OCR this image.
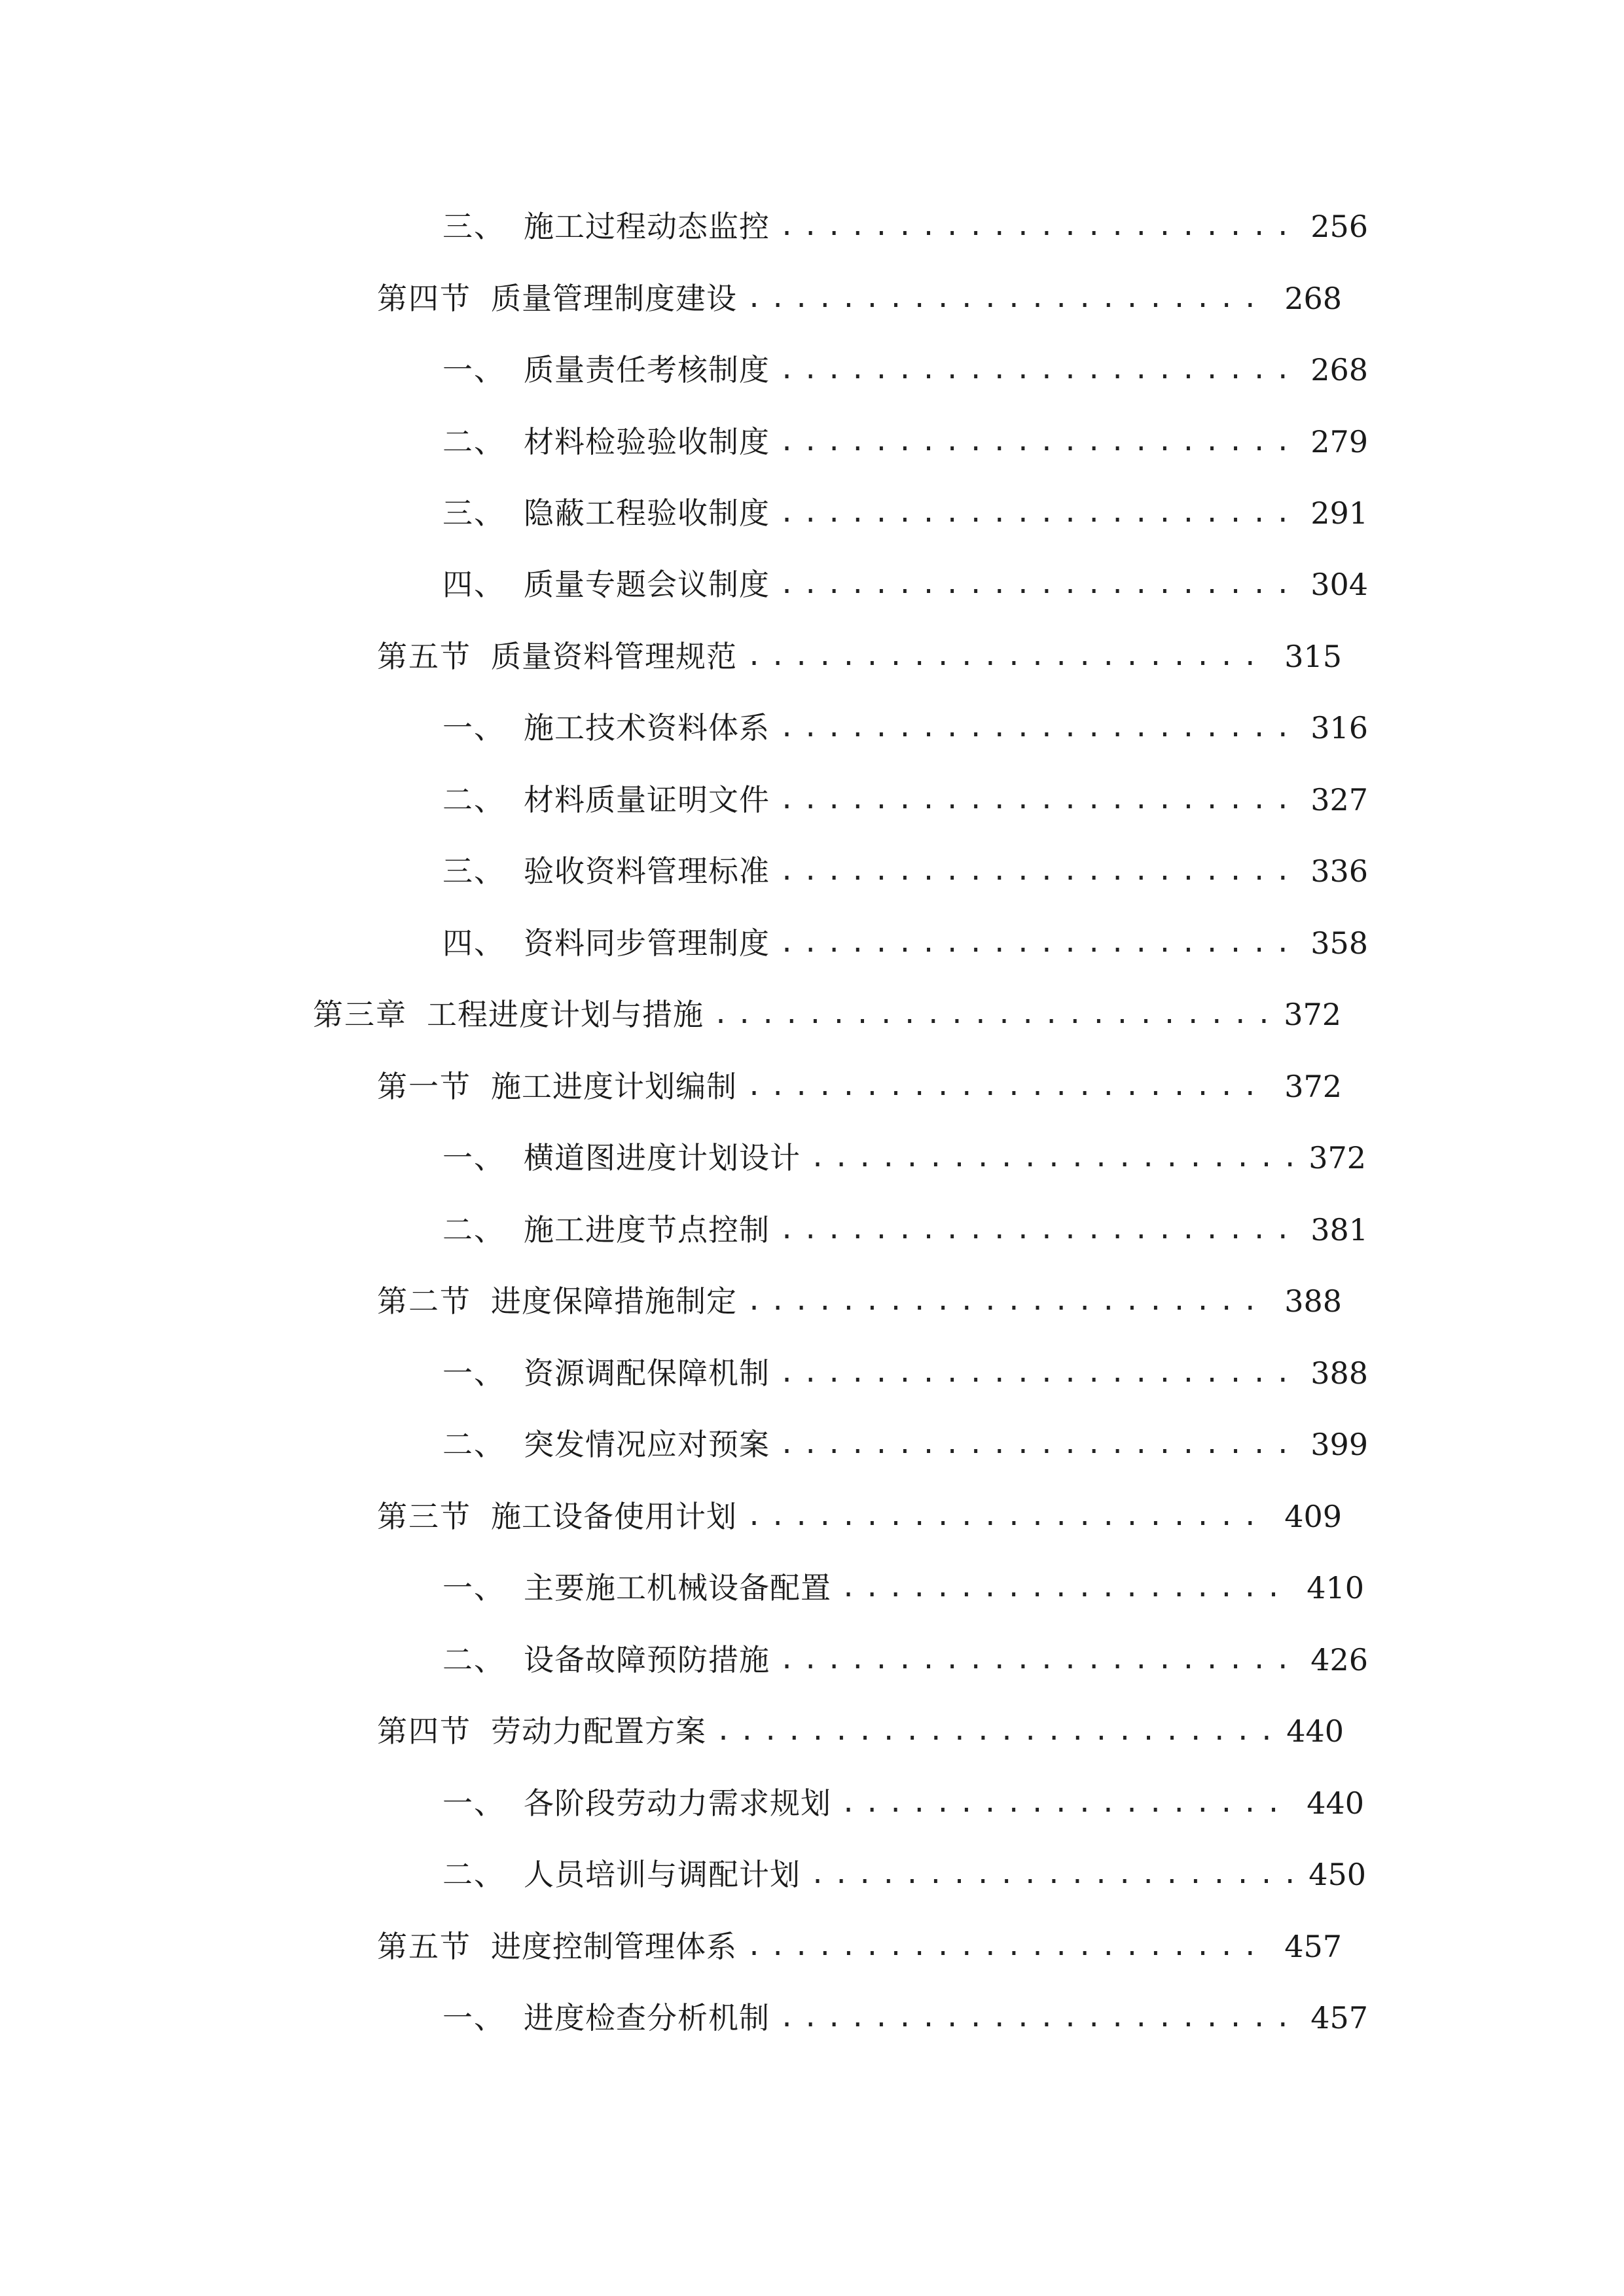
三、 施工过程动态监控 .....	256
第四节 质量管理制度建设 .....	268
一、 质量责任考核制度 .....	268
二、 材料检验验收制度 .....	279
三、 隐蔽工程验收制度 .....	291
四、 质量专题会议制度 .....	304
第五节 质量资料管理规范 .....	315
一、 施工技术资料体系 .....	316
二、 材料质量证明文件 .....	327
三、 验收资料管理标准 .....	336
四、 资料同步管理制度 .....	358
第三章 工程进度计划与措施 .....	372
第一节 施工进度计划编制 .....	372
一、 横道图进度计划设计 .....	372
二、 施工进度节点控制 .....	381
第二节 进度保障措施制定 .....	388
一、 资源调配保障机制 .....	388
二、 突发情况应对预案 .....	399
第三节 施工设备使用计划 .....	409
一、 主要施工机械设备配置 .....	410
二、 设备故障预防措施 .....	426
第四节 劳动力配置方案 .....	440
一、 各阶段劳动力需求规划 .....	440
二、 人员培训与调配计划 .....	450
第五节 进度控制管理体系 .....	457
一、 进度检查分析机制 .....	457
